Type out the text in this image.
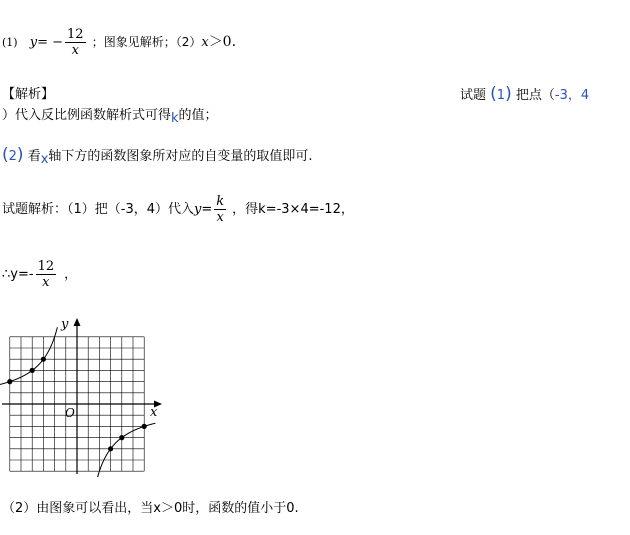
(1) $y= - \frac{12}{x}$ ；图象见解析；（2）x＞0.
【解析】	试题 (1) 把点（-3，4
）代入反比例函数解析式可得k的值；
(2) 看x轴下方的函数图象所对应的自变量的取值即可.
试题解析：（1）把（-3，4）代入$y= \frac{k}{x}$ ，得k=-3×4=-12，
∴y=- $\frac{12}{x}$ ，
y
x
O
（2）由图象可以看出，当x＞0时，函数的值小于0.
